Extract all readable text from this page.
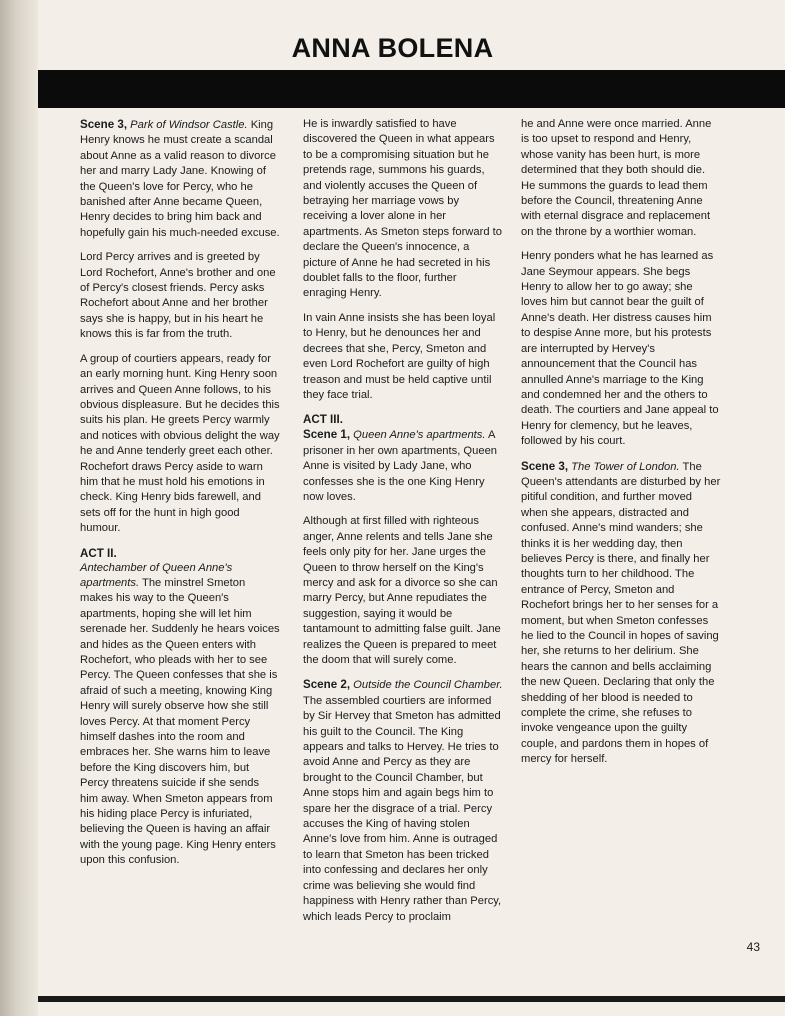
ANNA BOLENA

Scene 3, Park of Windsor Castle. King Henry knows he must create a scandal about Anne as a valid reason to divorce her and marry Lady Jane. Knowing of the Queen's love for Percy, who he banished after Anne became Queen, Henry decides to bring him back and hopefully gain his much-needed excuse.

Lord Percy arrives and is greeted by Lord Rochefort, Anne's brother and one of Percy's closest friends. Percy asks Rochefort about Anne and her brother says she is happy, but in his heart he knows this is far from the truth.

A group of courtiers appears, ready for an early morning hunt. King Henry soon arrives and Queen Anne follows, to his obvious displeasure. But he decides this suits his plan. He greets Percy warmly and notices with obvious delight the way he and Anne tenderly greet each other. Rochefort draws Percy aside to warn him that he must hold his emotions in check. King Henry bids farewell, and sets off for the hunt in high good humour.

ACT II.

Antechamber of Queen Anne's apartments. The minstrel Smeton makes his way to the Queen's apartments, hoping she will let him serenade her. Suddenly he hears voices and hides as the Queen enters with Rochefort, who pleads with her to see Percy. The Queen confesses that she is afraid of such a meeting, knowing King Henry will surely observe how she still loves Percy. At that moment Percy himself dashes into the room and embraces her. She warns him to leave before the King discovers him, but Percy threatens suicide if she sends him away. When Smeton appears from his hiding place Percy is infuriated, believing the Queen is having an affair with the young page. King Henry enters upon this confusion.

He is inwardly satisfied to have discovered the Queen in what appears to be a compromising situation but he pretends rage, summons his guards, and violently accuses the Queen of betraying her marriage vows by receiving a lover alone in her apartments. As Smeton steps forward to declare the Queen's innocence, a picture of Anne he had secreted in his doublet falls to the floor, further enraging Henry.

In vain Anne insists she has been loyal to Henry, but he denounces her and decrees that she, Percy, Smeton and even Lord Rochefort are guilty of high treason and must be held captive until they face trial.

ACT III.

Scene 1, Queen Anne's apartments. A prisoner in her own apartments, Queen Anne is visited by Lady Jane, who confesses she is the one King Henry now loves.

Although at first filled with righteous anger, Anne relents and tells Jane she feels only pity for her. Jane urges the Queen to throw herself on the King's mercy and ask for a divorce so she can marry Percy, but Anne repudiates the suggestion, saying it would be tantamount to admitting false guilt. Jane realizes the Queen is prepared to meet the doom that will surely come.

Scene 2, Outside the Council Chamber. The assembled courtiers are informed by Sir Hervey that Smeton has admitted his guilt to the Council. The King appears and talks to Hervey. He tries to avoid Anne and Percy as they are brought to the Council Chamber, but Anne stops him and again begs him to spare her the disgrace of a trial. Percy accuses the King of having stolen Anne's love from him. Anne is outraged to learn that Smeton has been tricked into confessing and declares her only crime was believing she would find happiness with Henry rather than Percy, which leads Percy to proclaim

he and Anne were once married. Anne is too upset to respond and Henry, whose vanity has been hurt, is more determined that they both should die. He summons the guards to lead them before the Council, threatening Anne with eternal disgrace and replacement on the throne by a worthier woman.

Henry ponders what he has learned as Jane Seymour appears. She begs Henry to allow her to go away; she loves him but cannot bear the guilt of Anne's death. Her distress causes him to despise Anne more, but his protests are interrupted by Hervey's announcement that the Council has annulled Anne's marriage to the King and condemned her and the others to death. The courtiers and Jane appeal to Henry for clemency, but he leaves, followed by his court.

Scene 3, The Tower of London. The Queen's attendants are disturbed by her pitiful condition, and further moved when she appears, distracted and confused. Anne's mind wanders; she thinks it is her wedding day, then believes Percy is there, and finally her thoughts turn to her childhood. The entrance of Percy, Smeton and Rochefort brings her to her senses for a moment, but when Smeton confesses he lied to the Council in hopes of saving her, she returns to her delirium. She hears the cannon and bells acclaiming the new Queen. Declaring that only the shedding of her blood is needed to complete the crime, she refuses to invoke vengeance upon the guilty couple, and pardons them in hopes of mercy for herself.

43
